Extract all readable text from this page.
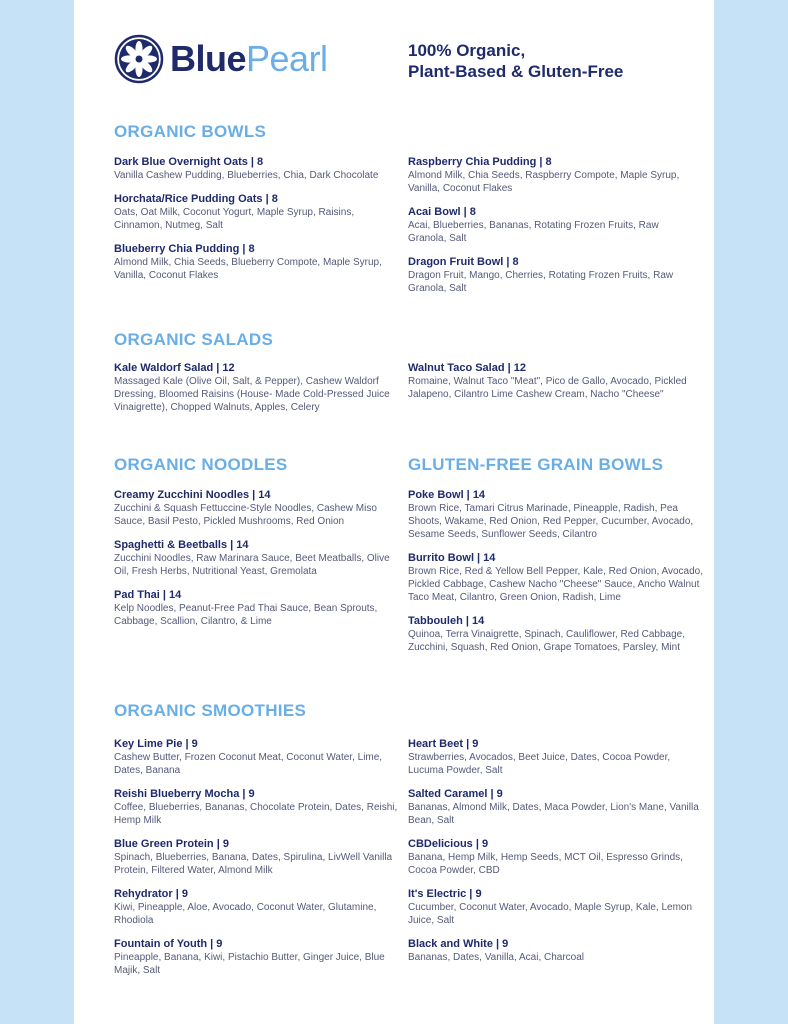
BluePearl	100% Organic,
Plant-Based & Gluten-Free
ORGANIC BOWLS
Dark Blue Overnight Oats | 8
Vanilla Cashew Pudding, Blueberries, Chia, Dark Chocolate
Horchata/Rice Pudding Oats | 8
Oats, Oat Milk, Coconut Yogurt, Maple Syrup, Raisins, Cinnamon, Nutmeg, Salt
Blueberry Chia Pudding | 8
Almond Milk, Chia Seeds, Blueberry Compote, Maple Syrup, Vanilla, Coconut Flakes
Raspberry Chia Pudding | 8
Almond Milk, Chia Seeds, Raspberry Compote, Maple Syrup, Vanilla, Coconut Flakes
Acai Bowl | 8
Acai, Blueberries, Bananas, Rotating Frozen Fruits, Raw Granola, Salt
Dragon Fruit Bowl | 8
Dragon Fruit, Mango, Cherries, Rotating Frozen Fruits, Raw Granola, Salt
ORGANIC SALADS
Kale Waldorf Salad | 12
Massaged Kale (Olive Oil, Salt, & Pepper), Cashew Waldorf Dressing, Bloomed Raisins (House- Made Cold-Pressed Juice Vinaigrette), Chopped Walnuts, Apples, Celery
Walnut Taco Salad | 12
Romaine, Walnut Taco "Meat", Pico de Gallo, Avocado, Pickled Jalapeno, Cilantro Lime Cashew Cream, Nacho "Cheese"
ORGANIC NOODLES
Creamy Zucchini Noodles | 14
Zucchini & Squash Fettuccine-Style Noodles, Cashew Miso Sauce, Basil Pesto, Pickled Mushrooms, Red Onion
Spaghetti & Beetballs | 14
Zucchini Noodles, Raw Marinara Sauce, Beet Meatballs, Olive Oil, Fresh Herbs, Nutritional Yeast, Gremolata
Pad Thai | 14
Kelp Noodles, Peanut-Free Pad Thai Sauce, Bean Sprouts, Cabbage, Scallion, Cilantro, & Lime
GLUTEN-FREE GRAIN BOWLS
Poke Bowl | 14
Brown Rice, Tamari Citrus Marinade, Pineapple, Radish, Pea Shoots, Wakame, Red Onion, Red Pepper, Cucumber, Avocado, Sesame Seeds, Sunflower Seeds, Cilantro
Burrito Bowl | 14
Brown Rice, Red & Yellow Bell Pepper, Kale, Red Onion, Avocado, Pickled Cabbage, Cashew Nacho "Cheese" Sauce, Ancho Walnut Taco Meat, Cilantro, Green Onion, Radish, Lime
Tabbouleh | 14
Quinoa, Terra Vinaigrette, Spinach, Cauliflower, Red Cabbage, Zucchini, Squash, Red Onion, Grape Tomatoes, Parsley, Mint
ORGANIC SMOOTHIES
Key Lime Pie | 9
Cashew Butter, Frozen Coconut Meat, Coconut Water, Lime, Dates, Banana
Reishi Blueberry Mocha | 9
Coffee, Blueberries, Bananas, Chocolate Protein, Dates, Reishi, Hemp Milk
Blue Green Protein | 9
Spinach, Blueberries, Banana, Dates, Spirulina, LivWell Vanilla Protein, Filtered Water, Almond Milk
Rehydrator | 9
Kiwi, Pineapple, Aloe, Avocado, Coconut Water, Glutamine, Rhodiola
Fountain of Youth | 9
Pineapple, Banana, Kiwi, Pistachio Butter, Ginger Juice, Blue Majik, Salt
Heart Beet | 9
Strawberries, Avocados, Beet Juice, Dates, Cocoa Powder, Lucuma Powder, Salt
Salted Caramel | 9
Bananas, Almond Milk, Dates, Maca Powder, Lion's Mane, Vanilla Bean, Salt
CBDelicious | 9
Banana, Hemp Milk, Hemp Seeds, MCT Oil, Espresso Grinds, Cocoa Powder, CBD
It's Electric | 9
Cucumber, Coconut Water, Avocado, Maple Syrup, Kale, Lemon Juice, Salt
Black and White | 9
Bananas, Dates, Vanilla, Acai, Charcoal
